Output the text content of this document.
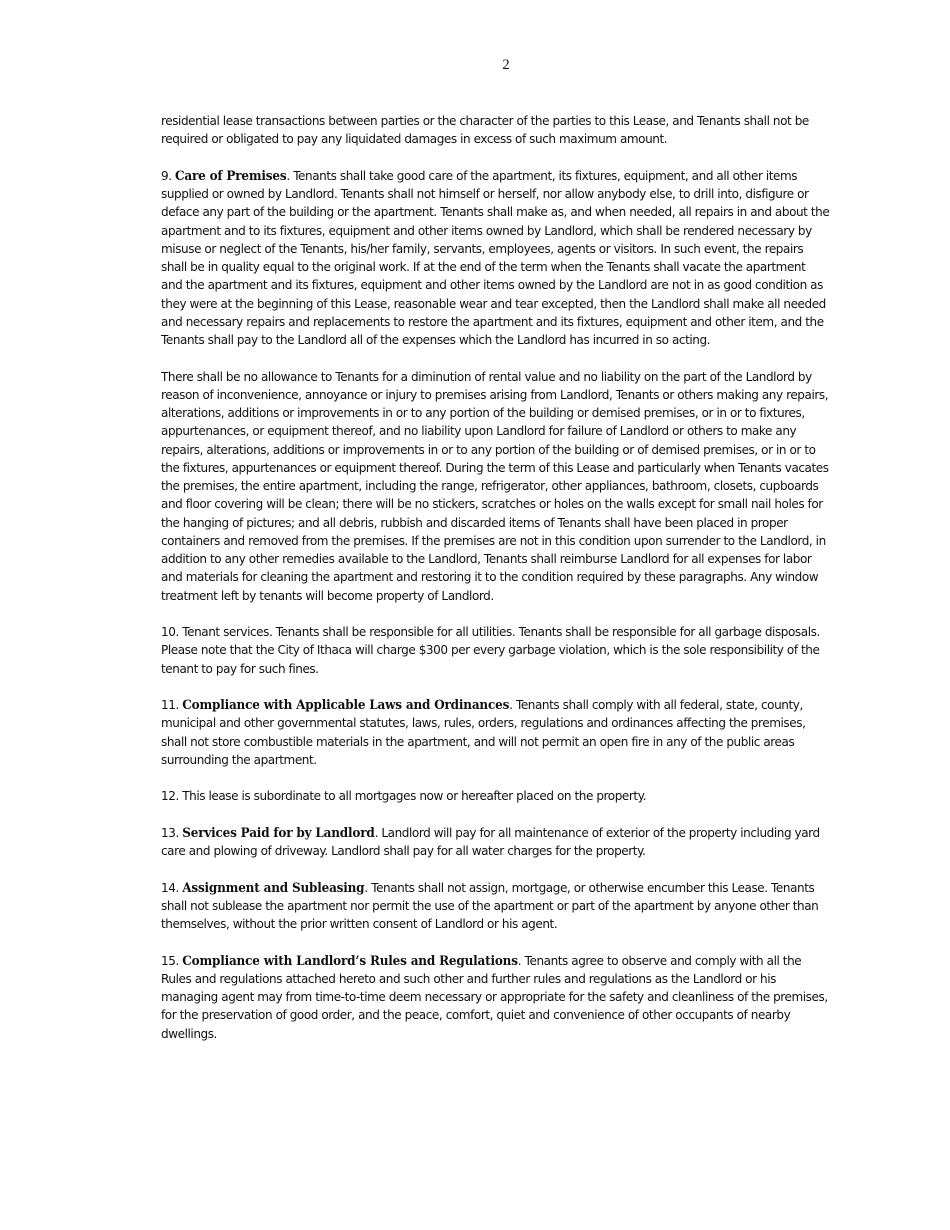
2

residential lease transactions between parties or the character of the parties to this Lease, and Tenants shall not be required or obligated to pay any liquidated damages in excess of such maximum amount.

9. Care of Premises. Tenants shall take good care of the apartment, its fixtures, equipment, and all other items supplied or owned by Landlord. Tenants shall not himself or herself, nor allow anybody else, to drill into, disfigure or deface any part of the building or the apartment. Tenants shall make as, and when needed, all repairs in and about the apartment and to its fixtures, equipment and other items owned by Landlord, which shall be rendered necessary by misuse or neglect of the Tenants, his/her family, servants, employees, agents or visitors. In such event, the repairs shall be in quality equal to the original work. If at the end of the term when the Tenants shall vacate the apartment and the apartment and its fixtures, equipment and other items owned by the Landlord are not in as good condition as they were at the beginning of this Lease, reasonable wear and tear excepted, then the Landlord shall make all needed and necessary repairs and replacements to restore the apartment and its fixtures, equipment and other item, and the Tenants shall pay to the Landlord all of the expenses which the Landlord has incurred in so acting.

There shall be no allowance to Tenants for a diminution of rental value and no liability on the part of the Landlord by reason of inconvenience, annoyance or injury to premises arising from Landlord, Tenants or others making any repairs, alterations, additions or improvements in or to any portion of the building or demised premises, or in or to fixtures, appurtenances, or equipment thereof, and no liability upon Landlord for failure of Landlord or others to make any repairs, alterations, additions or improvements in or to any portion of the building or of demised premises, or in or to the fixtures, appurtenances or equipment thereof. During the term of this Lease and particularly when Tenants vacates the premises, the entire apartment, including the range, refrigerator, other appliances, bathroom, closets, cupboards and floor covering will be clean; there will be no stickers, scratches or holes on the walls except for small nail holes for the hanging of pictures; and all debris, rubbish and discarded items of Tenants shall have been placed in proper containers and removed from the premises. If the premises are not in this condition upon surrender to the Landlord, in addition to any other remedies available to the Landlord, Tenants shall reimburse Landlord for all expenses for labor and materials for cleaning the apartment and restoring it to the condition required by these paragraphs. Any window treatment left by tenants will become property of Landlord.

10. Tenant services. Tenants shall be responsible for all utilities. Tenants shall be responsible for all garbage disposals. Please note that the City of Ithaca will charge $300 per every garbage violation, which is the sole responsibility of the tenant to pay for such fines.

11. Compliance with Applicable Laws and Ordinances. Tenants shall comply with all federal, state, county, municipal and other governmental statutes, laws, rules, orders, regulations and ordinances affecting the premises, shall not store combustible materials in the apartment, and will not permit an open fire in any of the public areas surrounding the apartment.

12. This lease is subordinate to all mortgages now or hereafter placed on the property.

13. Services Paid for by Landlord. Landlord will pay for all maintenance of exterior of the property including yard care and plowing of driveway. Landlord shall pay for all water charges for the property.

14. Assignment and Subleasing. Tenants shall not assign, mortgage, or otherwise encumber this Lease. Tenants shall not sublease the apartment nor permit the use of the apartment or part of the apartment by anyone other than themselves, without the prior written consent of Landlord or his agent.

15. Compliance with Landlord’s Rules and Regulations. Tenants agree to observe and comply with all the Rules and regulations attached hereto and such other and further rules and regulations as the Landlord or his managing agent may from time-to-time deem necessary or appropriate for the safety and cleanliness of the premises, for the preservation of good order, and the peace, comfort, quiet and convenience of other occupants of nearby dwellings.
